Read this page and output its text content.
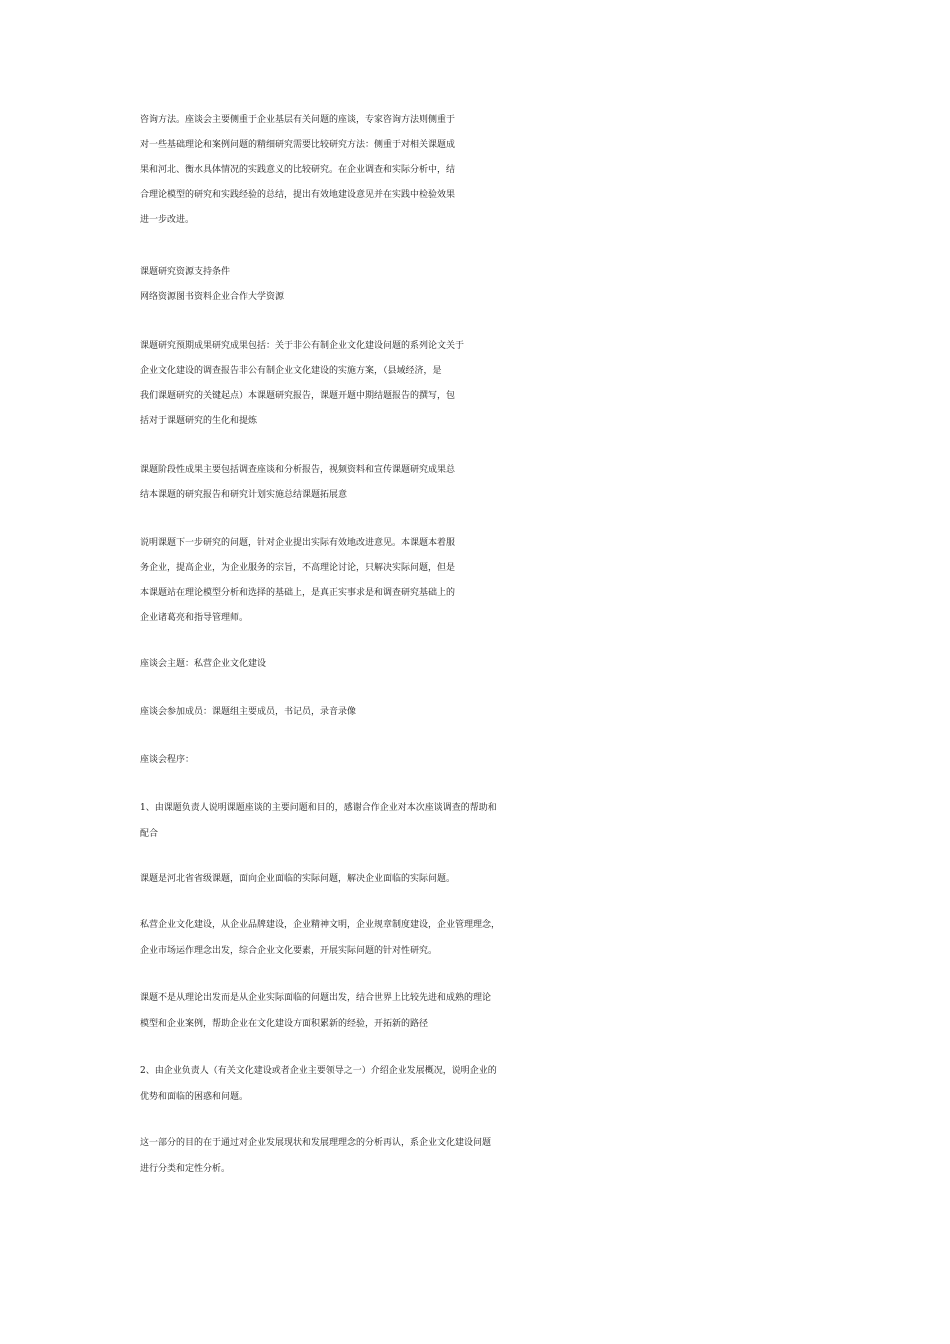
咨询方法。座谈会主要侧重于企业基层有关问题的座谈，专家咨询方法则侧重于
对一些基础理论和案例问题的精细研究需要比较研究方法：侧重于对相关课题成
果和河北、衡水具体情况的实践意义的比较研究。在企业调查和实际分析中，结
合理论模型的研究和实践经验的总结，提出有效地建设意见并在实践中检验效果
进一步改进。
课题研究资源支持条件
网络资源图书资料企业合作大学资源
课题研究预期成果研究成果包括：关于非公有制企业文化建设问题的系列论文关于
企业文化建设的调查报告非公有制企业文化建设的实施方案，（县域经济，是
我们课题研究的关键起点）本课题研究报告，课题开题中期结题报告的撰写，包
括对于课题研究的生化和提炼
课题阶段性成果主要包括调查座谈和分析报告，视频资料和宣传课题研究成果总
结本课题的研究报告和研究计划实施总结课题拓展意
说明课题下一步研究的问题，针对企业提出实际有效地改进意见。本课题本着服
务企业，提高企业，为企业服务的宗旨，不高理论讨论，只解决实际问题，但是
本课题站在理论模型分析和选择的基础上，是真正实事求是和调查研究基础上的
企业诸葛亮和指导管理师。
座谈会主题：私营企业文化建设
座谈会参加成员：课题组主要成员，书记员，录音录像
座谈会程序：
1、由课题负责人说明课题座谈的主要问题和目的，感谢合作企业对本次座谈调查的帮助和
配合
课题是河北省省级课题，面向企业面临的实际问题，解决企业面临的实际问题。
私营企业文化建设，从企业品牌建设，企业精神文明，企业规章制度建设，企业管理理念，
企业市场运作理念出发，综合企业文化要素，开展实际问题的针对性研究。
课题不是从理论出发而是从企业实际面临的问题出发，结合世界上比较先进和成熟的理论
模型和企业案例，帮助企业在文化建设方面积累新的经验，开拓新的路径
2、由企业负责人（有关文化建设或者企业主要领导之一）介绍企业发展概况，说明企业的
优势和面临的困惑和问题。
这一部分的目的在于通过对企业发展现状和发展理理念的分析再认，系企业文化建设问题
进行分类和定性分析。
